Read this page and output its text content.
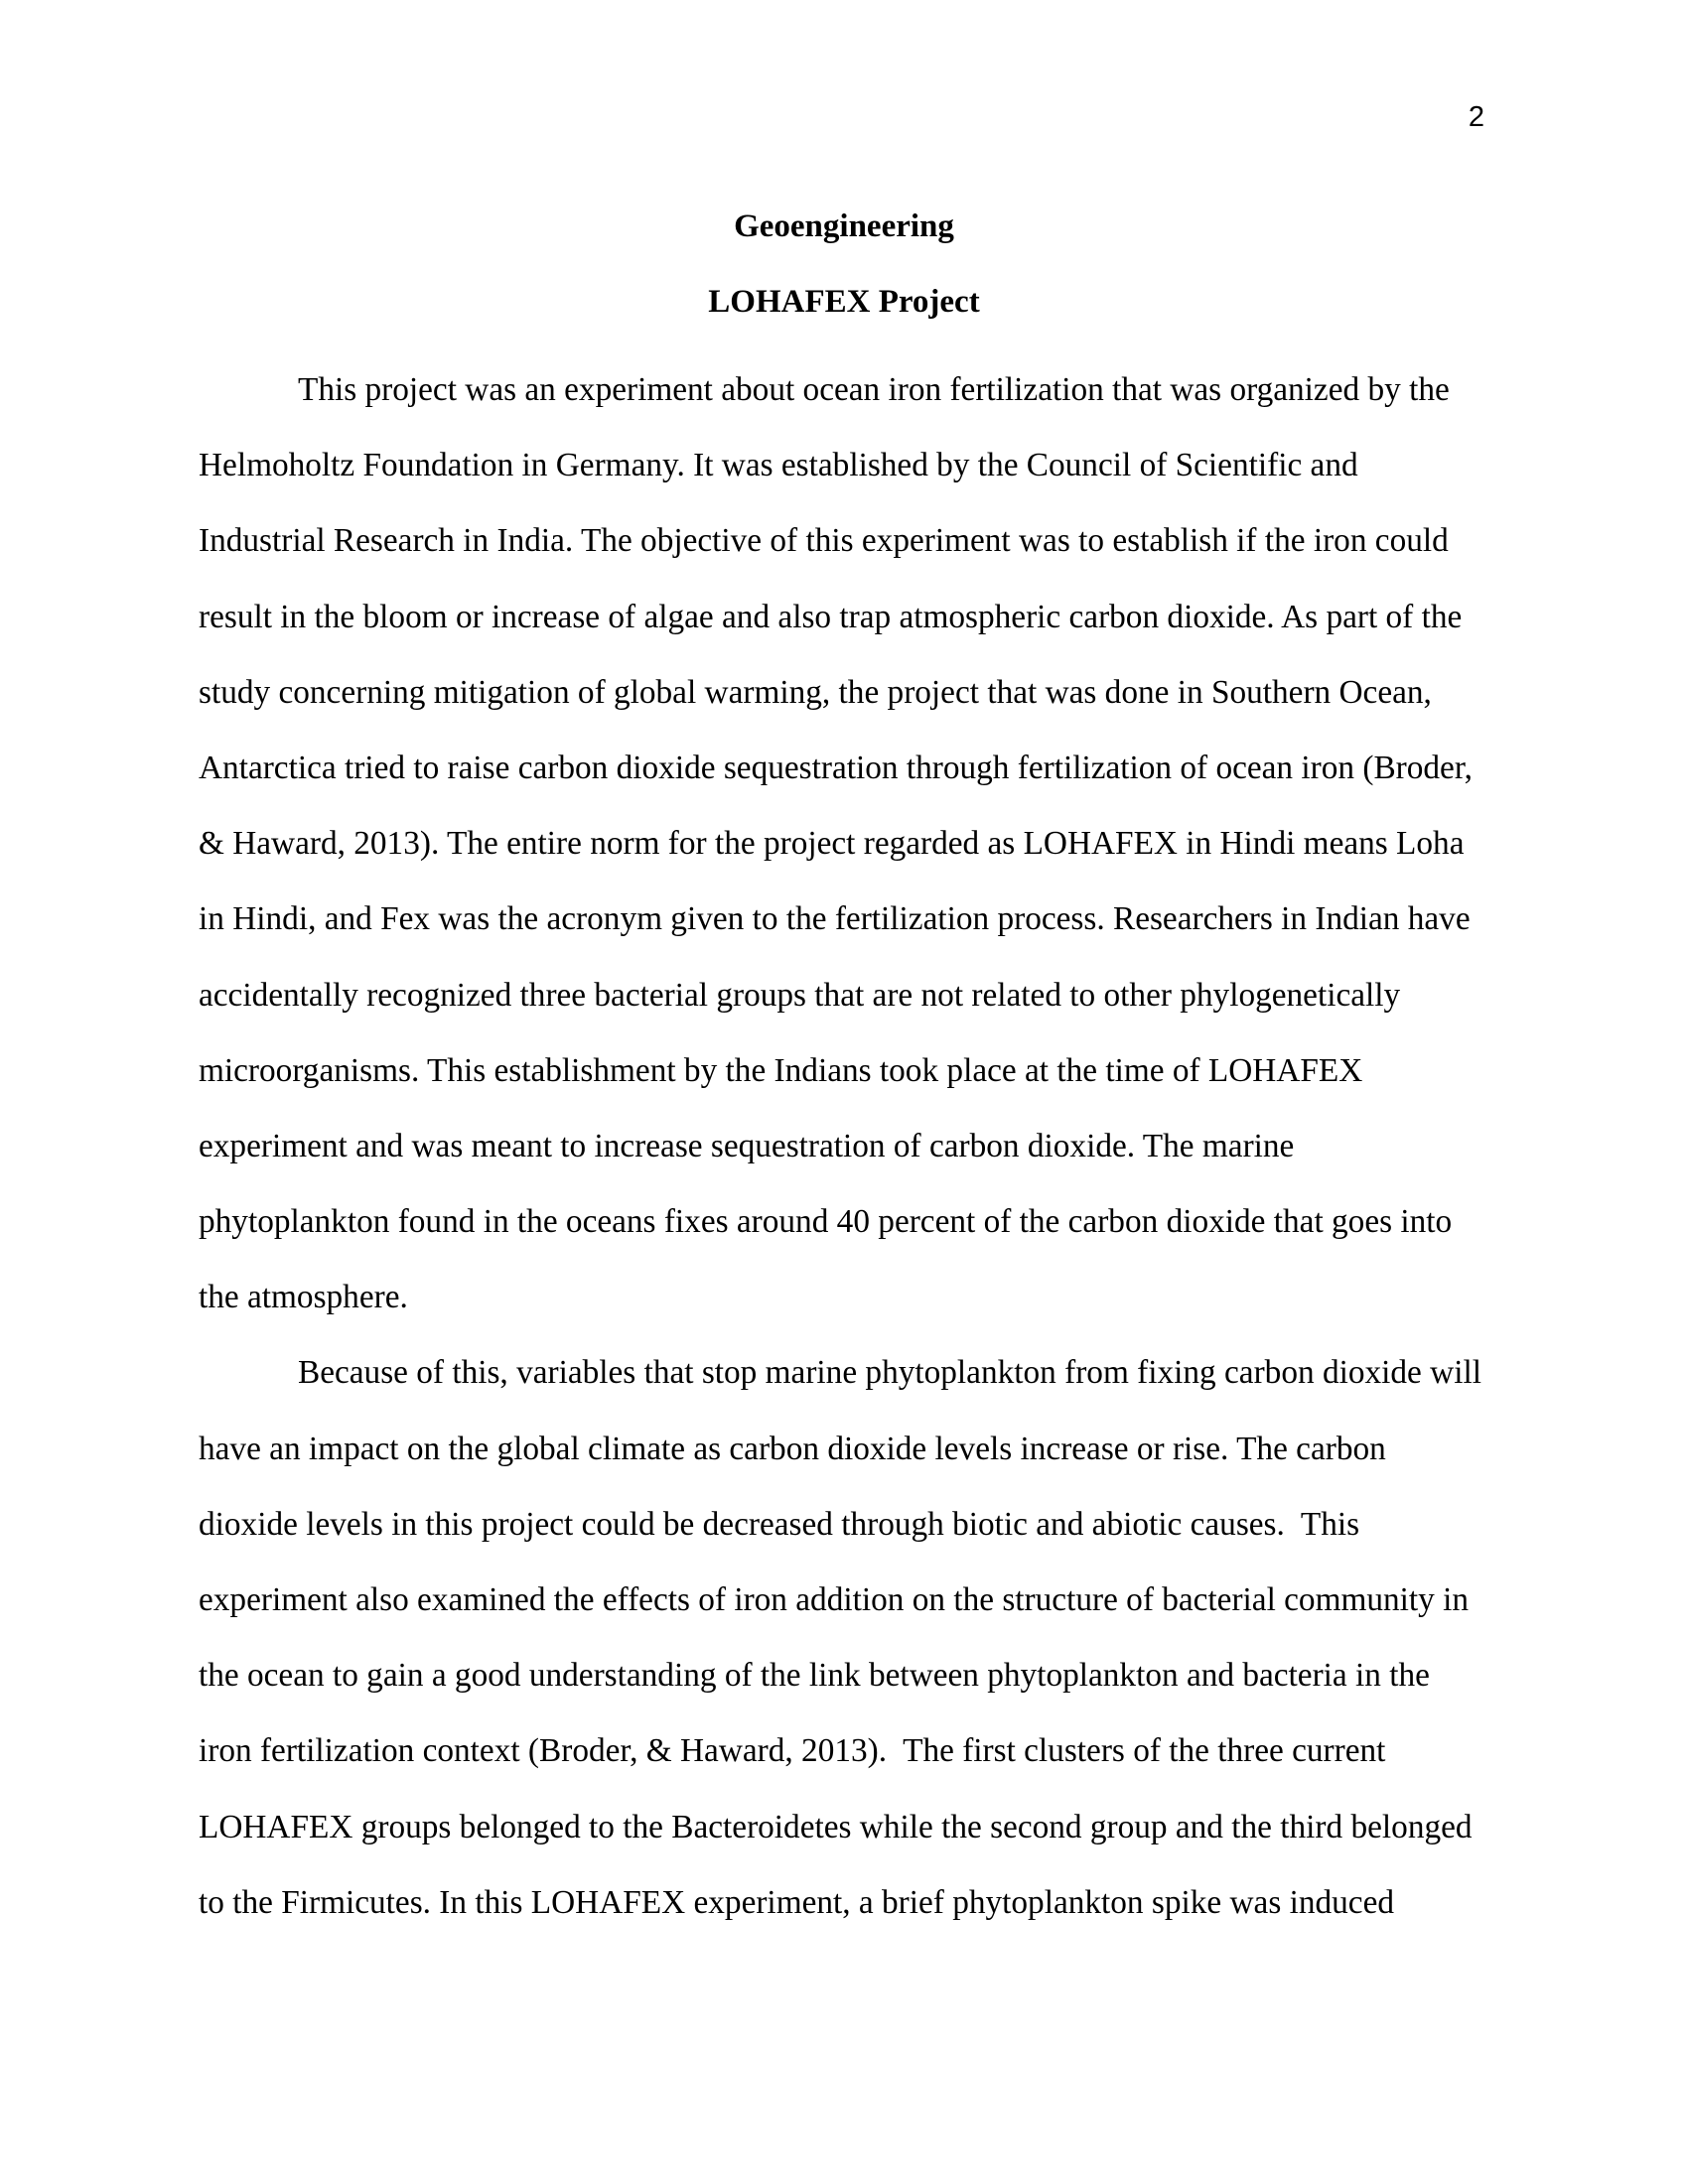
2
Geoengineering
LOHAFEX Project
This project was an experiment about ocean iron fertilization that was organized by the
Helmoholtz Foundation in Germany. It was established by the Council of Scientific and
Industrial Research in India. The objective of this experiment was to establish if the iron could
result in the bloom or increase of algae and also trap atmospheric carbon dioxide. As part of the
study concerning mitigation of global warming, the project that was done in Southern Ocean,
Antarctica tried to raise carbon dioxide sequestration through fertilization of ocean iron (Broder,
& Haward, 2013). The entire norm for the project regarded as LOHAFEX in Hindi means Loha
in Hindi, and Fex was the acronym given to the fertilization process. Researchers in Indian have
accidentally recognized three bacterial groups that are not related to other phylogenetically
microorganisms. This establishment by the Indians took place at the time of LOHAFEX
experiment and was meant to increase sequestration of carbon dioxide. The marine
phytoplankton found in the oceans fixes around 40 percent of the carbon dioxide that goes into
the atmosphere.
Because of this, variables that stop marine phytoplankton from fixing carbon dioxide will
have an impact on the global climate as carbon dioxide levels increase or rise. The carbon
dioxide levels in this project could be decreased through biotic and abiotic causes.  This
experiment also examined the effects of iron addition on the structure of bacterial community in
the ocean to gain a good understanding of the link between phytoplankton and bacteria in the
iron fertilization context (Broder, & Haward, 2013).  The first clusters of the three current
LOHAFEX groups belonged to the Bacteroidetes while the second group and the third belonged
to the Firmicutes. In this LOHAFEX experiment, a brief phytoplankton spike was induced
